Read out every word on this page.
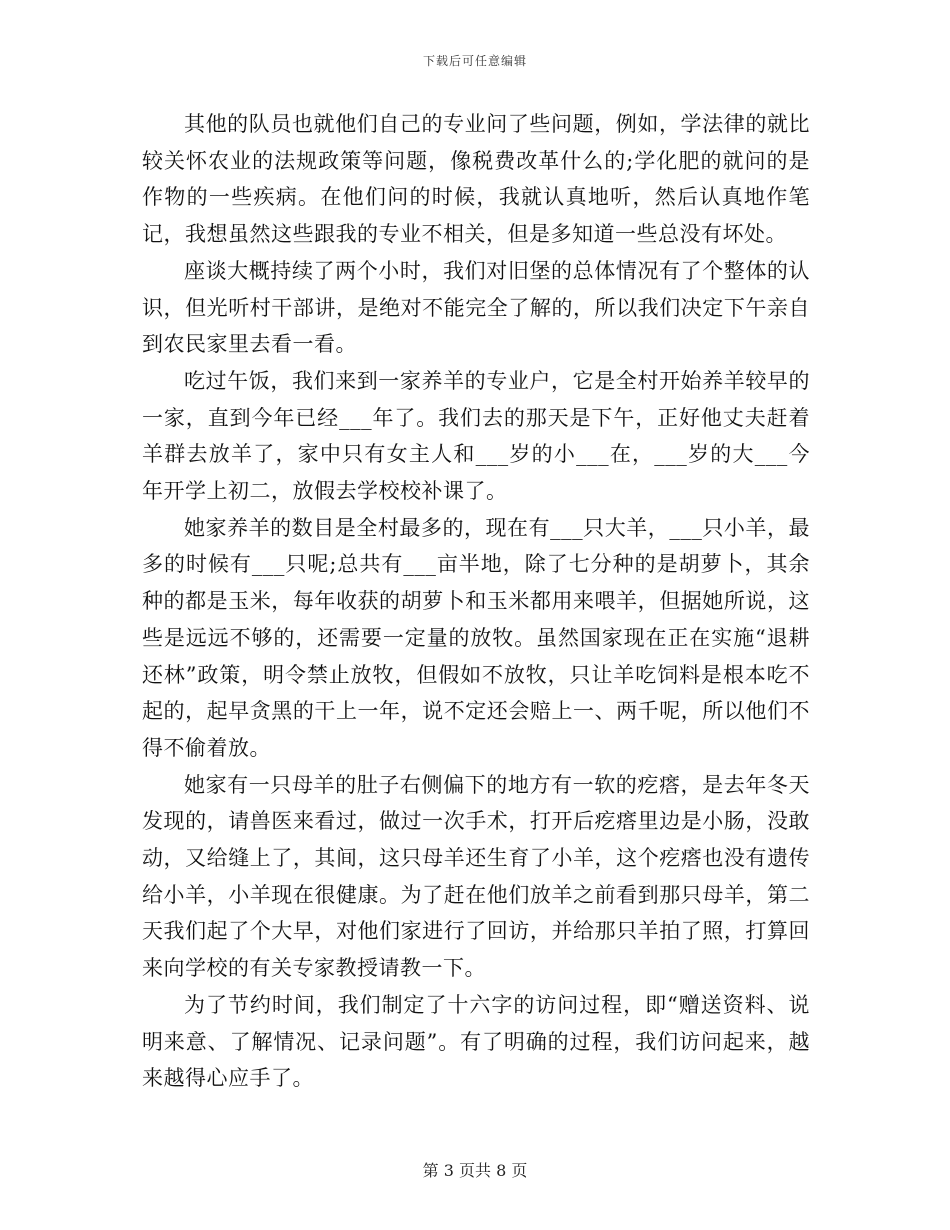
下载后可任意编辑

其他的队员也就他们自己的专业问了些问题，例如，学法律的就比较关怀农业的法规政策等问题，像税费改革什么的;学化肥的就问的是作物的一些疾病。在他们问的时候，我就认真地听，然后认真地作笔记，我想虽然这些跟我的专业不相关，但是多知道一些总没有坏处。

座谈大概持续了两个小时，我们对旧堡的总体情况有了个整体的认识，但光听村干部讲，是绝对不能完全了解的，所以我们决定下午亲自到农民家里去看一看。

吃过午饭，我们来到一家养羊的专业户，它是全村开始养羊较早的一家，直到今年已经___年了。我们去的那天是下午，正好他丈夫赶着羊群去放羊了，家中只有女主人和___岁的小___在，___岁的大___今年开学上初二，放假去学校校补课了。

她家养羊的数目是全村最多的，现在有___只大羊，___只小羊，最多的时候有___只呢;总共有___亩半地，除了七分种的是胡萝卜，其余种的都是玉米，每年收获的胡萝卜和玉米都用来喂羊，但据她所说，这些是远远不够的，还需要一定量的放牧。虽然国家现在正在实施“退耕还林”政策，明令禁止放牧，但假如不放牧，只让羊吃饲料是根本吃不起的，起早贪黑的干上一年，说不定还会赔上一、两千呢，所以他们不得不偷着放。

她家有一只母羊的肚子右侧偏下的地方有一软的疙瘩，是去年冬天发现的，请兽医来看过，做过一次手术，打开后疙瘩里边是小肠，没敢动，又给缝上了，其间，这只母羊还生育了小羊，这个疙瘩也没有遗传给小羊，小羊现在很健康。为了赶在他们放羊之前看到那只母羊，第二天我们起了个大早，对他们家进行了回访，并给那只羊拍了照，打算回来向学校的有关专家教授请教一下。

为了节约时间，我们制定了十六字的访问过程，即“赠送资料、说明来意、了解情况、记录问题”。有了明确的过程，我们访问起来，越来越得心应手了。

第 3 页共 8 页
